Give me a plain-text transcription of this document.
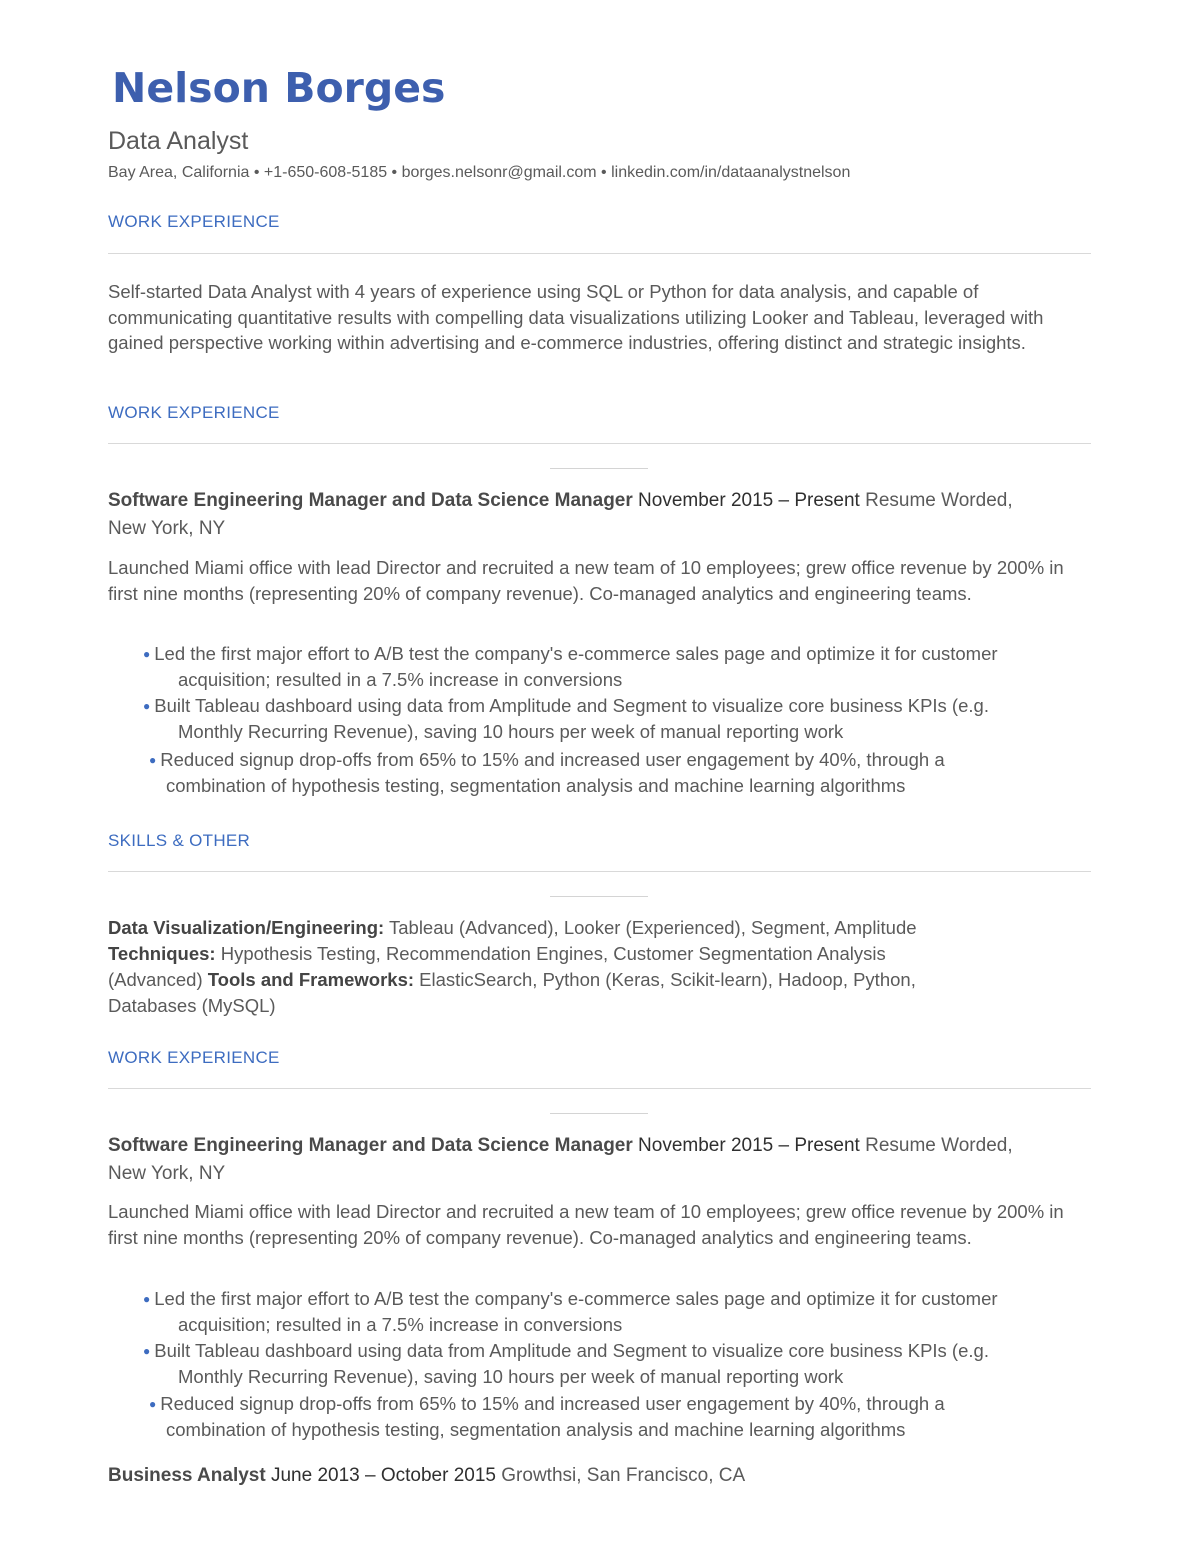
Nelson Borges
Data Analyst
Bay Area, California • +1-650-608-5185 • borges.nelsonr@gmail.com • linkedin.com/in/dataanalystnelson
WORK EXPERIENCE

Self-started Data Analyst with 4 years of experience using SQL or Python for data analysis, and capable of communicating quantitative results with compelling data visualizations utilizing Looker and Tableau, leveraged with gained perspective working within advertising and e-commerce industries, offering distinct and strategic insights.

WORK EXPERIENCE
Software Engineering Manager and Data Science Manager November 2015 – Present Resume Worded,
New York, NY

Launched Miami office with lead Director and recruited a new team of 10 employees; grew office revenue by 200% in first nine months (representing 20% of company revenue). Co-managed analytics and engineering teams.

● Led the first major effort to A/B test the company's e-commerce sales page and optimize it for customer
acquisition; resulted in a 7.5% increase in conversions
● Built Tableau dashboard using data from Amplitude and Segment to visualize core business KPIs (e.g.
Monthly Recurring Revenue), saving 10 hours per week of manual reporting work
● Reduced signup drop-offs from 65% to 15% and increased user engagement by 40%, through a
combination of hypothesis testing, segmentation analysis and machine learning algorithms
SKILLS & OTHER

Data Visualization/Engineering: Tableau (Advanced), Looker (Experienced), Segment, Amplitude
Techniques: Hypothesis Testing, Recommendation Engines, Customer Segmentation Analysis (Advanced) Tools and Frameworks: ElasticSearch, Python (Keras, Scikit-learn), Hadoop, Python, Databases (MySQL)

WORK EXPERIENCE
Software Engineering Manager and Data Science Manager November 2015 – Present Resume Worded,
New York, NY

Launched Miami office with lead Director and recruited a new team of 10 employees; grew office revenue by 200% in first nine months (representing 20% of company revenue). Co-managed analytics and engineering teams.

● Led the first major effort to A/B test the company's e-commerce sales page and optimize it for customer
acquisition; resulted in a 7.5% increase in conversions
● Built Tableau dashboard using data from Amplitude and Segment to visualize core business KPIs (e.g.
Monthly Recurring Revenue), saving 10 hours per week of manual reporting work
● Reduced signup drop-offs from 65% to 15% and increased user engagement by 40%, through a
combination of hypothesis testing, segmentation analysis and machine learning algorithms
Business Analyst June 2013 – October 2015 Growthsi, San Francisco, CA
